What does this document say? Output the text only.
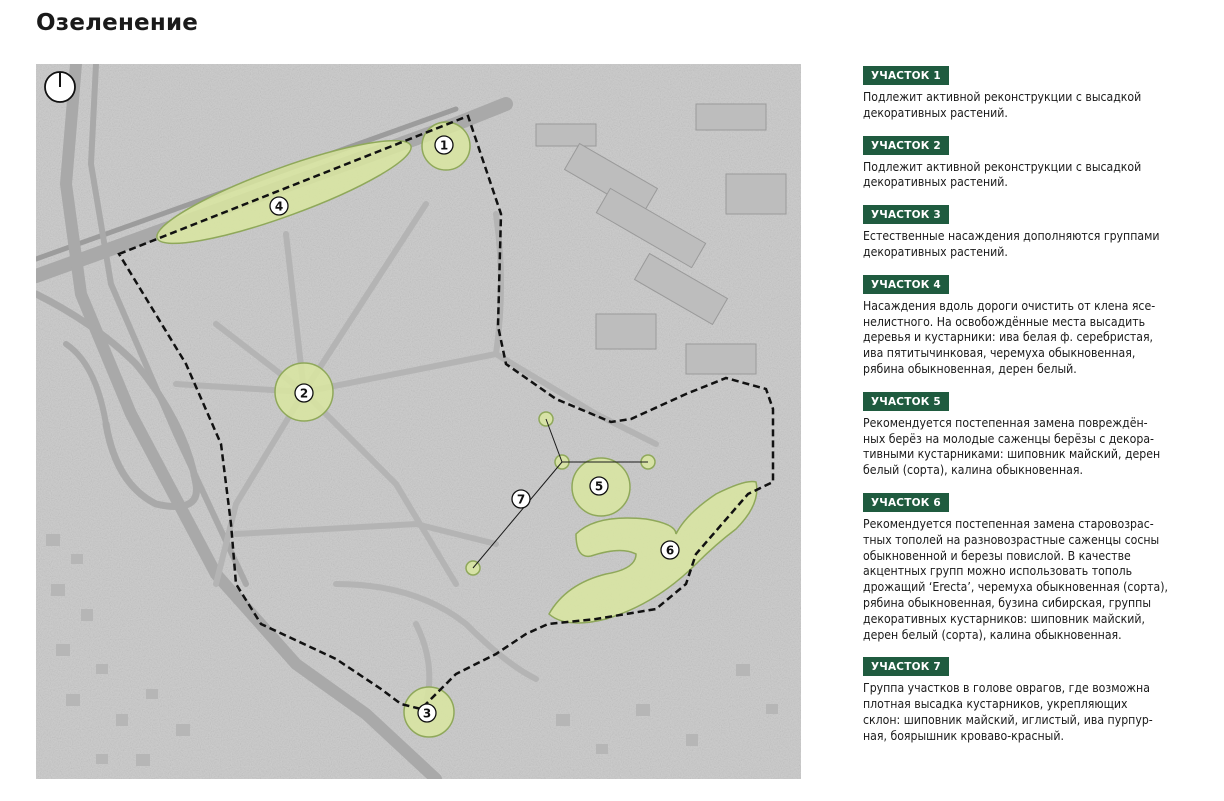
Озеленение
1
2
3
4
5
6
7
УЧАСТОК 1
Подлежит активной реконструкции с высадкой
декоративных растений.
УЧАСТОК 2
Подлежит активной реконструкции с высадкой
декоративных растений.
УЧАСТОК 3
Естественные насаждения дополняются группами
декоративных растений.
УЧАСТОК 4
Насаждения вдоль дороги очистить от клена ясе-
нелистного. На освобождённые места высадить
деревья и кустарники: ива белая ф. серебристая,
ива пятитычинковая, черемуха обыкновенная,
рябина обыкновенная, дерен белый.
УЧАСТОК 5
Рекомендуется постепенная замена повреждён-
ных берёз на молодые саженцы берёзы с декора-
тивными кустарниками: шиповник майский, дерен
белый (сорта), калина обыкновенная.
УЧАСТОК 6
Рекомендуется постепенная замена старовозрас-
тных тополей на разновозрастные саженцы сосны
обыкновенной и березы повислой. В качестве
акцентных групп можно использовать тополь
дрожащий ‘Erecta’, черемуха обыкновенная (сорта),
рябина обыкновенная, бузина сибирская, группы
декоративных кустарников: шиповник майский,
дерен белый (сорта), калина обыкновенная.
УЧАСТОК 7
Группа участков в голове оврагов, где возможна
плотная высадка кустарников, укрепляющих
склон: шиповник майский, иглистый, ива пурпур-
ная, боярышник кроваво-красный.
